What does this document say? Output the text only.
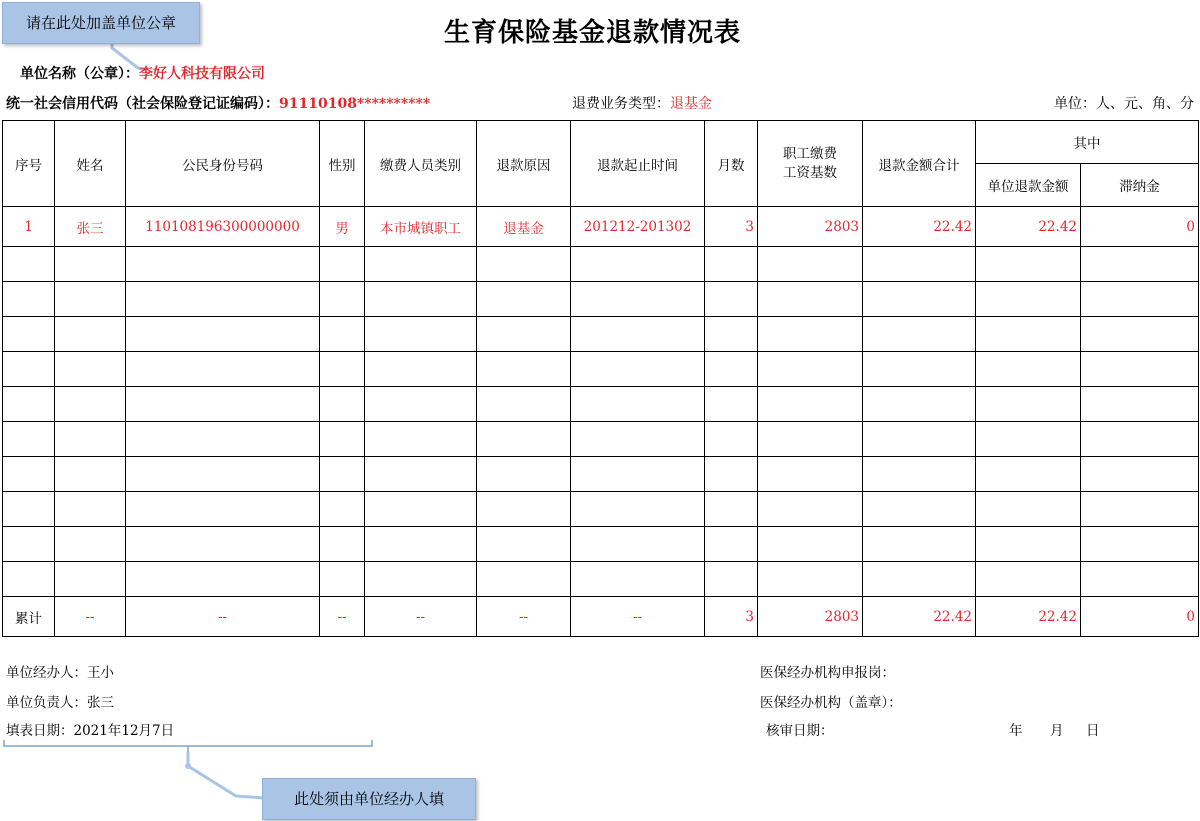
请在此处加盖单位公章	生育保险基金退款情况表
单位名称（公章）：李好人科技有限公司
统一社会信用代码（社会保险登记证编码）：91110108**********	退费业务类型：退基金	单位：人、元、角、分
序号	姓名	公民身份号码	性别	缴费人员类别	退款原因	退款起止时间	月数	职工缴费
工资基数	退款金额合计	其中	
										单位退款金额	滞纳金
1	张三	110108196300000000	男	本市城镇职工	退基金	201212-201302	3	2803	22.42	22.42	0

累计	--	--	--	--	--	--	3	2803	22.42	22.42	0
单位经办人：王小
单位负责人：张三
填表日期：2021年12月7日
医保经办机构申报岗：
医保经办机构（盖章）：
核审日期：	年 月 日
此处须由单位经办人填
